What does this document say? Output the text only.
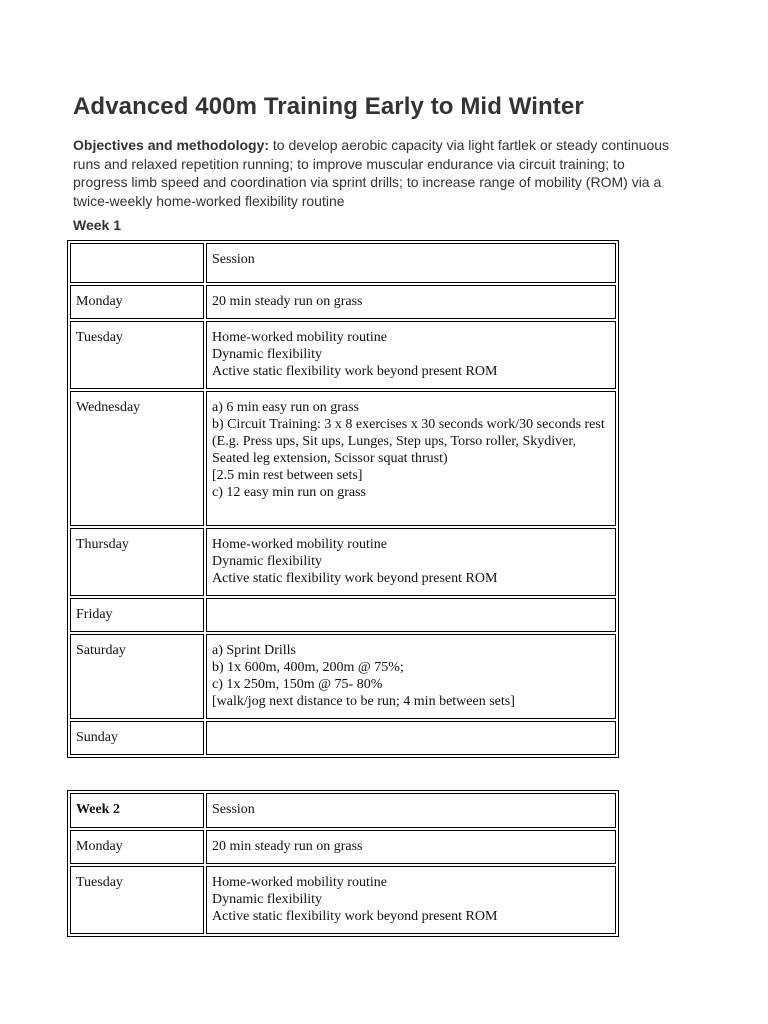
Advanced 400m Training Early to Mid Winter

Objectives and methodology: to develop aerobic capacity via light fartlek or steady continuous runs and relaxed repetition running; to improve muscular endurance via circuit training; to progress limb speed and coordination via sprint drills; to increase range of mobility (ROM) via a twice-weekly home-worked flexibility routine

Week 1

	Session
Monday	20 min steady run on grass

Tuesday	Home-worked mobility routine
Dynamic flexibility
Active static flexibility work beyond present ROM

Wednesday	a) 6 min easy run on grass
b) Circuit Training: 3 x 8 exercises x 30 seconds work/30 seconds rest (E.g. Press ups, Sit ups, Lunges, Step ups, Torso roller, Skydiver, Seated leg extension, Scissor squat thrust)
[2.5 min rest between sets]
c) 12 easy min run on grass

Thursday	Home-worked mobility routine
Dynamic flexibility
Active static flexibility work beyond present ROM

Friday	
Saturday	a) Sprint Drills
b) 1x 600m, 400m, 200m @ 75%;
c) 1x 250m, 150m @ 75- 80%
[walk/jog next distance to be run; 4 min between sets]

Sunday	
Week 2	Session
Monday	20 min steady run on grass

Tuesday	Home-worked mobility routine
Dynamic flexibility
Active static flexibility work beyond present ROM
